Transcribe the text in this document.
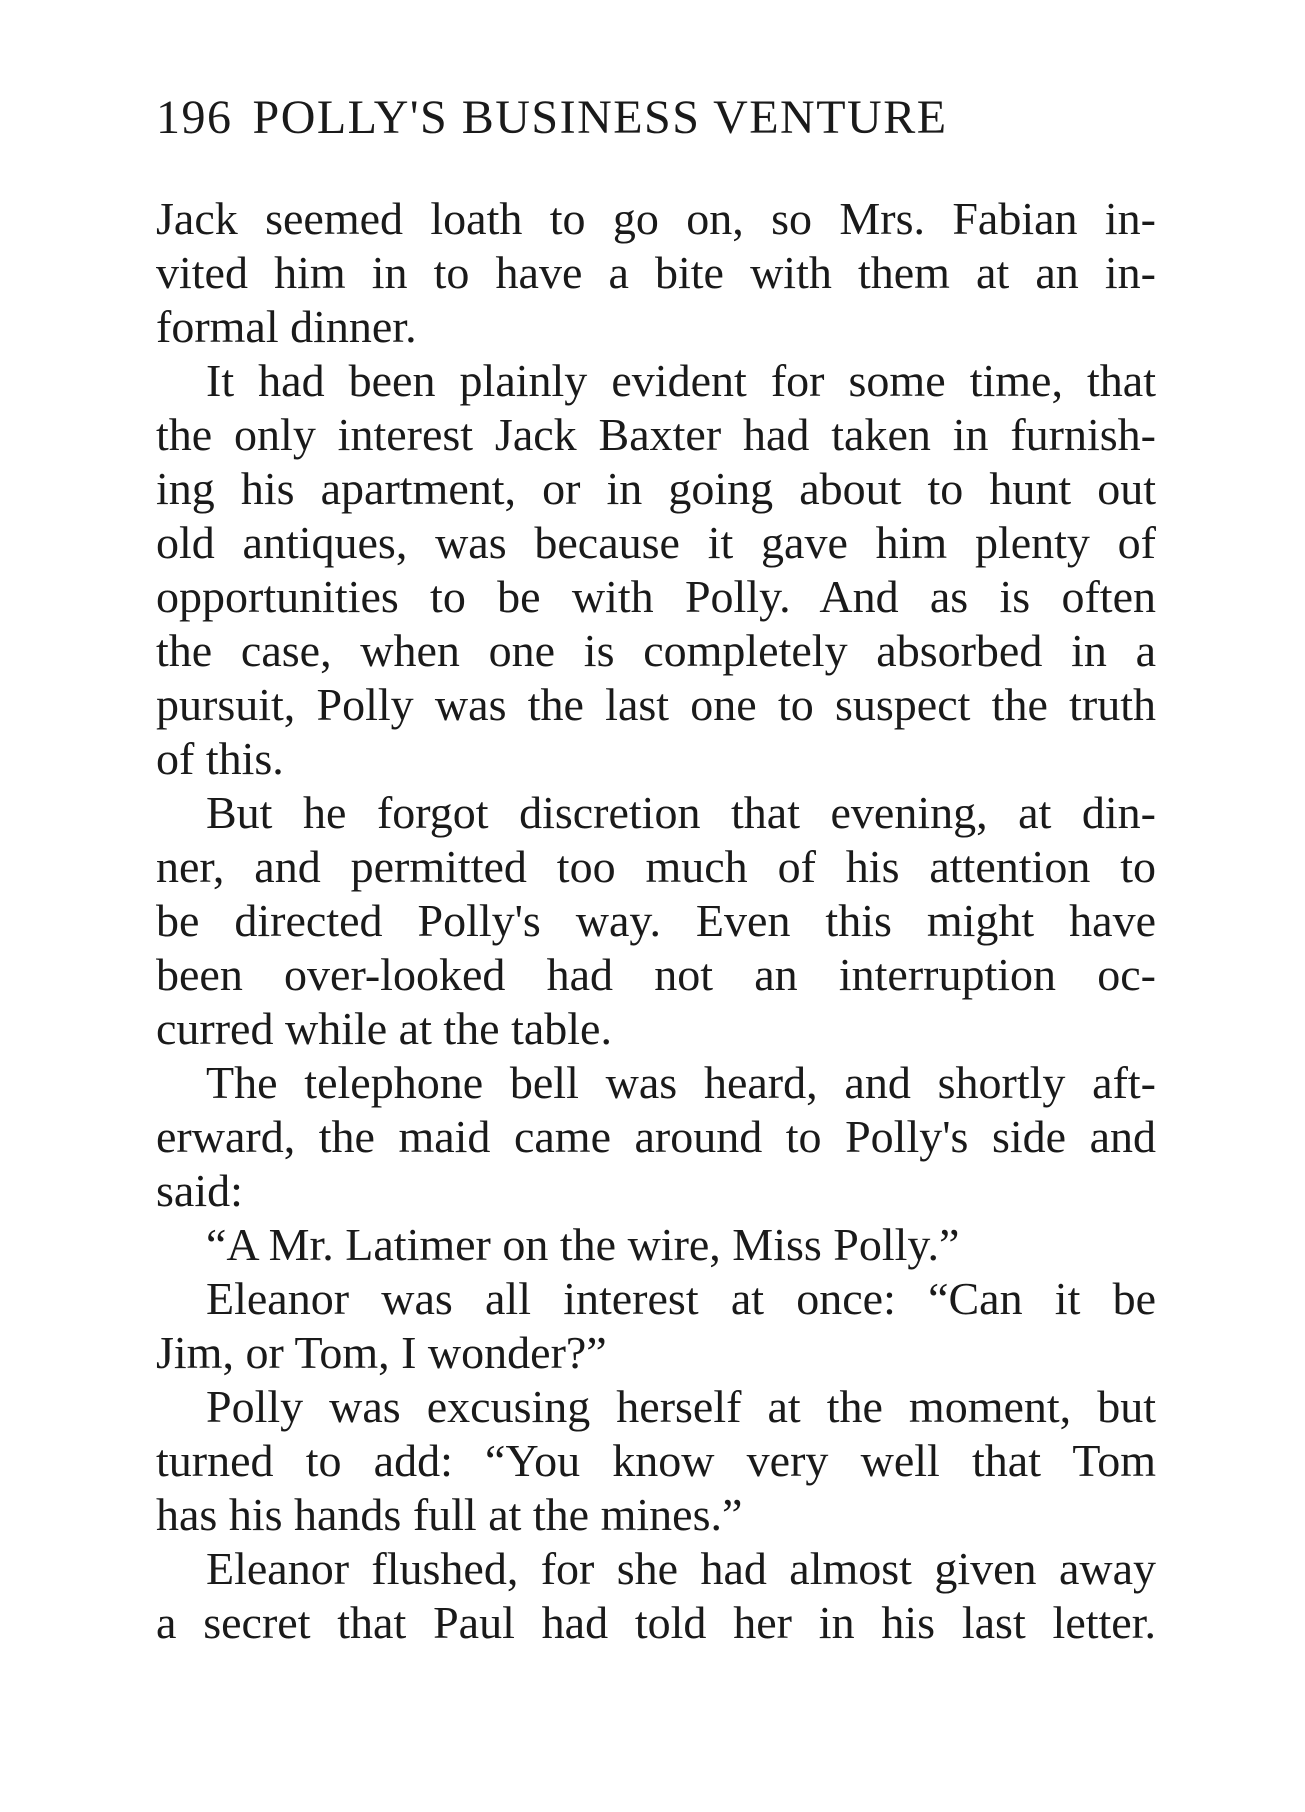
196 POLLY'S BUSINESS VENTURE
Jack seemed loath to go on, so Mrs. Fabian in-
vited him in to have a bite with them at an in-
formal dinner.
It had been plainly evident for some time, that
the only interest Jack Baxter had taken in furnish-
ing his apartment, or in going about to hunt out
old antiques, was because it gave him plenty of
opportunities to be with Polly. And as is often
the case, when one is completely absorbed in a
pursuit, Polly was the last one to suspect the truth
of this.
But he forgot discretion that evening, at din-
ner, and permitted too much of his attention to
be directed Polly's way. Even this might have
been over-looked had not an interruption oc-
curred while at the table.
The telephone bell was heard, and shortly aft-
erward, the maid came around to Polly's side and
said:
“A Mr. Latimer on the wire, Miss Polly.”
Eleanor was all interest at once: “Can it be
Jim, or Tom, I wonder?”
Polly was excusing herself at the moment, but
turned to add: “You know very well that Tom
has his hands full at the mines.”
Eleanor flushed, for she had almost given away
a secret that Paul had told her in his last letter.
